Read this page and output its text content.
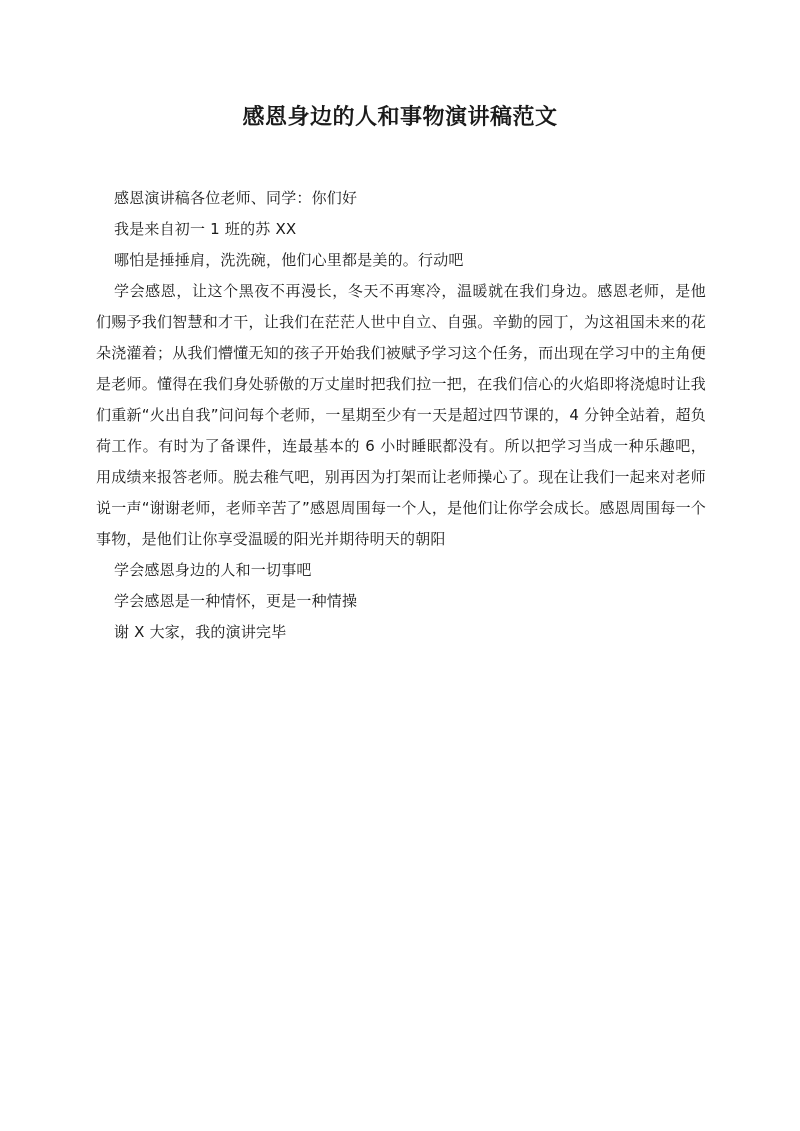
感恩身边的人和事物演讲稿范文

感恩演讲稿各位老师、同学：你们好

我是来自初一 1 班的苏 XX

哪怕是捶捶肩，洗洗碗，他们心里都是美的。行动吧

学会感恩，让这个黑夜不再漫长，冬天不再寒冷，温暖就在我们身边。感恩老师，是他们赐予我们智慧和才干，让我们在茫茫人世中自立、自强。辛勤的园丁，为这祖国未来的花朵浇灌着；从我们懵懂无知的孩子开始我们被赋予学习这个任务，而出现在学习中的主角便是老师。懂得在我们身处骄傲的万丈崖时把我们拉一把，在我们信心的火焰即将浇熄时让我们重新“火出自我”问问每个老师，一星期至少有一天是超过四节课的，4 分钟全站着，超负荷工作。有时为了备课件，连最基本的 6 小时睡眠都没有。所以把学习当成一种乐趣吧，用成绩来报答老师。脱去稚气吧，别再因为打架而让老师操心了。现在让我们一起来对老师说一声“谢谢老师，老师辛苦了”感恩周围每一个人，是他们让你学会成长。感恩周围每一个事物，是他们让你享受温暖的阳光并期待明天的朝阳

学会感恩身边的人和一切事吧

学会感恩是一种情怀，更是一种情操

谢 X 大家，我的演讲完毕
